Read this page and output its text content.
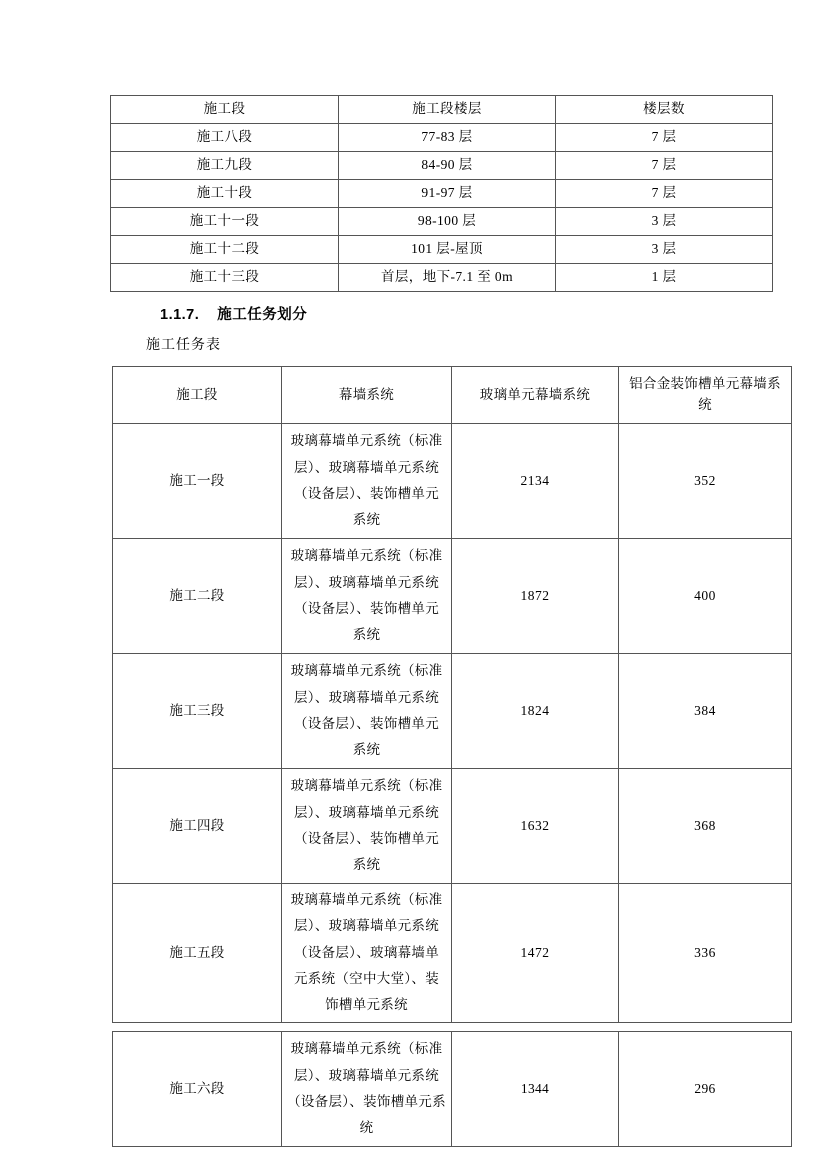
施工段	施工段楼层	楼层数
施工八段	77-83 层	7 层
施工九段	84-90 层	7 层
施工十段	91-97 层	7 层
施工十一段	98-100 层	3 层
施工十二段	101 层-屋顶	3 层
施工十三段	首层，地下-7.1 至 0m	1 层
1.1.7. 施工任务划分
施工任务表
施工段	幕墙系统	玻璃单元幕墙系统	铝合金装饰槽单元幕墙系统
施工一段	玻璃幕墙单元系统（标准层）、玻璃幕墙单元系统（设备层）、装饰槽单元系统	2134	352
施工二段	玻璃幕墙单元系统（标准层）、玻璃幕墙单元系统（设备层）、装饰槽单元系统	1872	400
施工三段	玻璃幕墙单元系统（标准层）、玻璃幕墙单元系统（设备层）、装饰槽单元系统	1824	384
施工四段	玻璃幕墙单元系统（标准层）、玻璃幕墙单元系统（设备层）、装饰槽单元系统	1632	368
施工五段	玻璃幕墙单元系统（标准层）、玻璃幕墙单元系统（设备层）、玻璃幕墙单元系统（空中大堂）、装饰槽单元系统	1472	336
施工六段	玻璃幕墙单元系统（标准层）、玻璃幕墙单元系统（设备层）、装饰槽单元系统	1344	296
